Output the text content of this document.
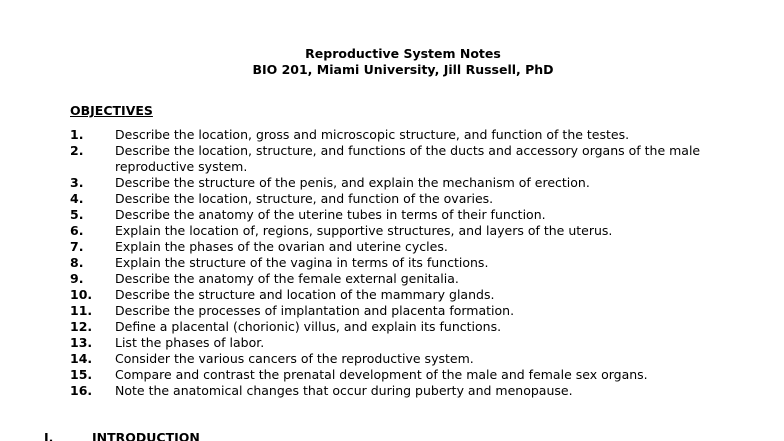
Reproductive System Notes
BIO 201, Miami University, Jill Russell, PhD
OBJECTIVES
1.	Describe the location, gross and microscopic structure, and function of the testes.
2.	Describe the location, structure, and functions of the ducts and accessory organs of the male reproductive system.
3.	Describe the structure of the penis, and explain the mechanism of erection.
4.	Describe the location, structure, and function of the ovaries.
5.	Describe the anatomy of the uterine tubes in terms of their function.
6.	Explain the location of, regions, supportive structures, and layers of the uterus.
7.	Explain the phases of the ovarian and uterine cycles.
8.	Explain the structure of the vagina in terms of its functions.
9.	Describe the anatomy of the female external genitalia.
10.	Describe the structure and location of the mammary glands.
11.	Describe the processes of implantation and placenta formation.
12.	Define a placental (chorionic) villus, and explain its functions.
13.	List the phases of labor.
14.	Consider the various cancers of the reproductive system.
15.	Compare and contrast the prenatal development of the male and female sex organs.
16.	Note the anatomical changes that occur during puberty and menopause.
I.	INTRODUCTION
